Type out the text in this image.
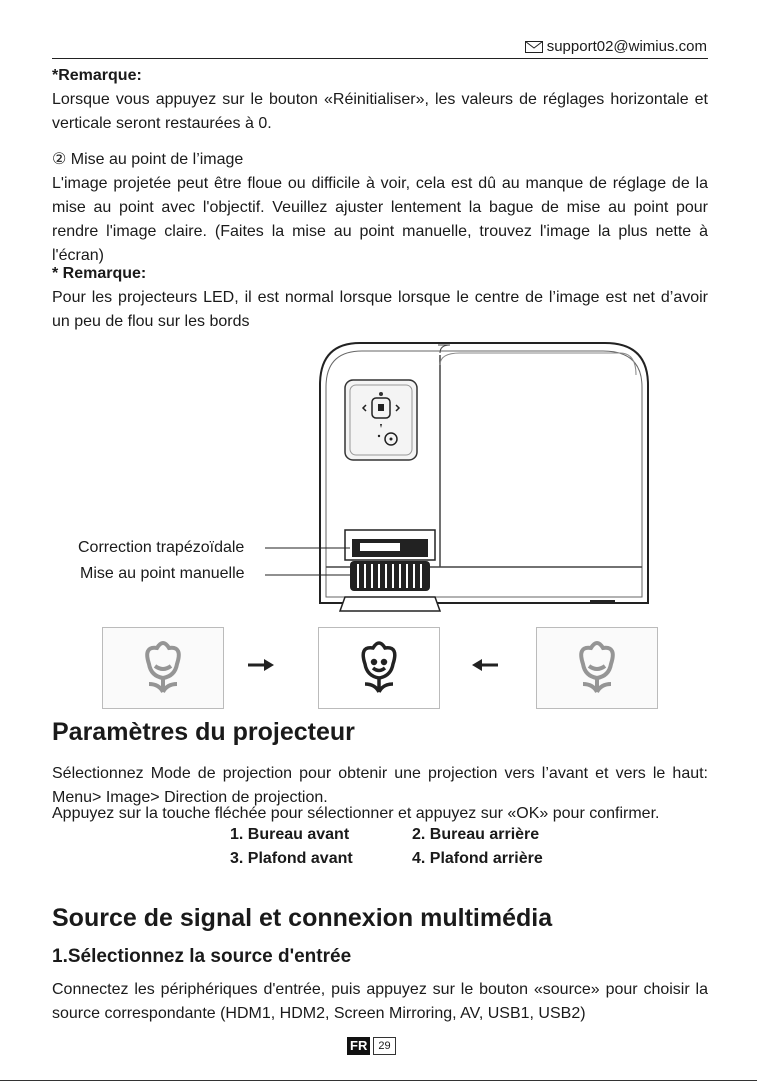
support02@wimius.com
*Remarque:
Lorsque vous appuyez sur le bouton «Réinitialiser», les valeurs de réglages horizontale et verticale seront restaurées à 0.
② Mise au point de l’image
L'image projetée peut être floue ou difficile à voir, cela est dû au manque de réglage de la mise au point avec l'objectif. Veuillez ajuster lentement la bague de mise au point pour rendre l'image claire. (Faites la mise au point manuelle, trouvez l'image la plus nette à l'écran)
* Remarque:
Pour les projecteurs LED, il est normal lorsque lorsque le centre de l’image est net d’avoir un peu de flou sur les bords
Correction trapézoïdale
Mise au point manuelle
Paramètres du projecteur
Sélectionnez Mode de projection pour obtenir une projection vers l’avant et vers le haut: Menu> Image> Direction de projection.
Appuyez sur la touche fléchée pour sélectionner et appuyez sur «OK» pour confirmer.
1. Bureau avant	2. Bureau arrière
3. Plafond avant	4. Plafond arrière
Source de signal et connexion multimédia
1.Sélectionnez la source d'entrée
Connectez les périphériques d'entrée, puis appuyez sur le bouton «source» pour choisir la source correspondante (HDM1, HDM2, Screen Mirroring, AV, USB1, USB2)
FR	29
